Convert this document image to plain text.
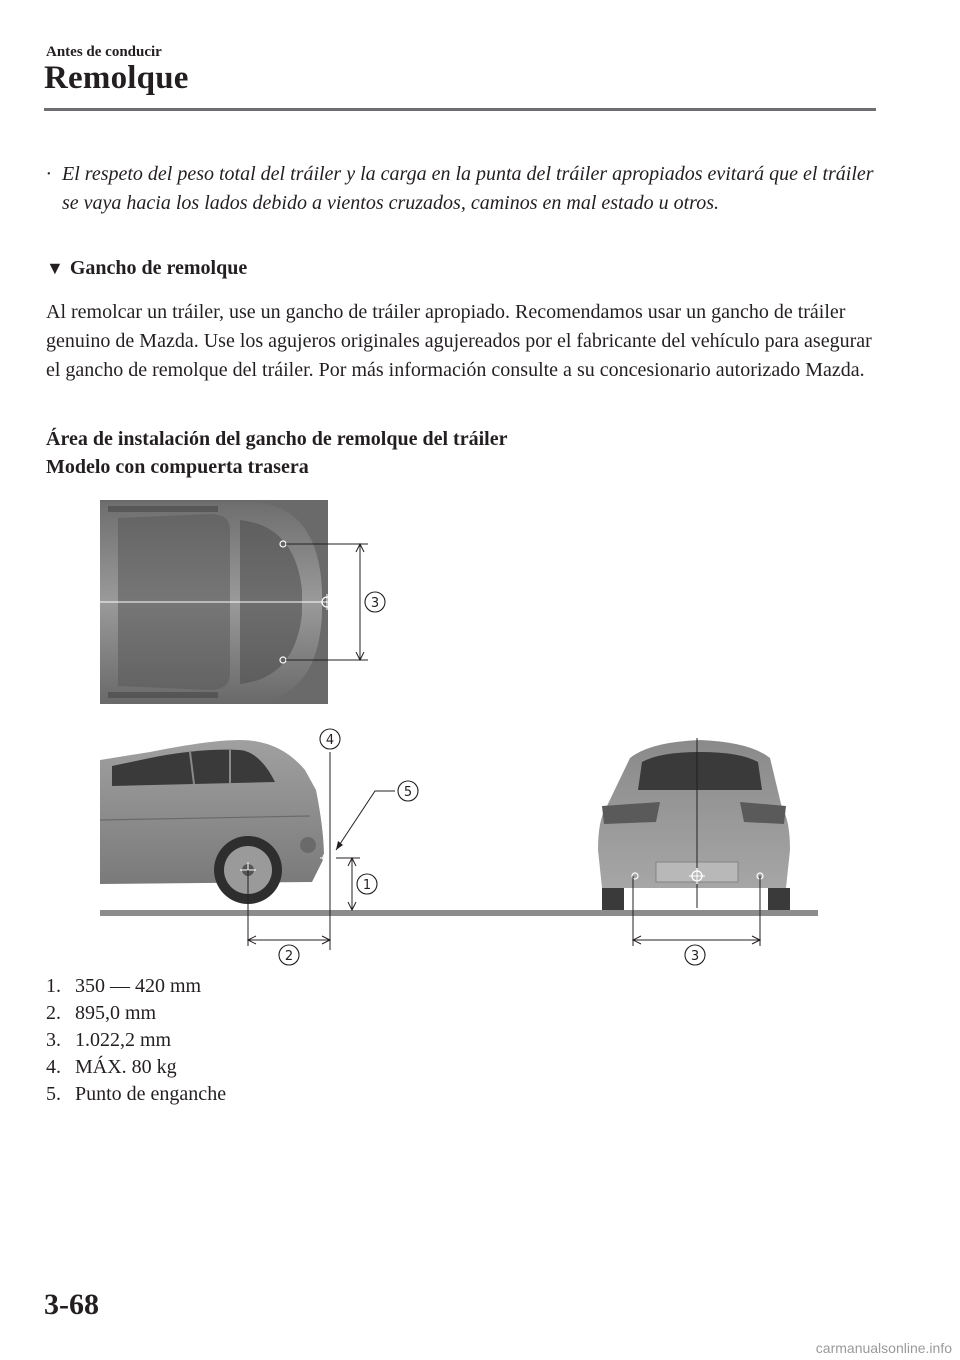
Antes de conducir
Remolque
· El respeto del peso total del tráiler y la carga en la punta del tráiler apropiados evitará que el tráiler se vaya hacia los lados debido a vientos cruzados, caminos en mal estado u otros.
▼ Gancho de remolque
Al remolcar un tráiler, use un gancho de tráiler apropiado. Recomendamos usar un gancho de tráiler genuino de Mazda. Use los agujeros originales agujereados por el fabricante del vehículo para asegurar el gancho de remolque del tráiler. Por más información consulte a su concesionario autorizado Mazda.
Área de instalación del gancho de remolque del tráiler
Modelo con compuerta trasera
3
4
5
1
2	3
1. 350 ― 420 mm
2. 895,0 mm
3. 1.022,2 mm
4. MÁX. 80 kg
5. Punto de enganche
3-68
carmanualsonline.info
